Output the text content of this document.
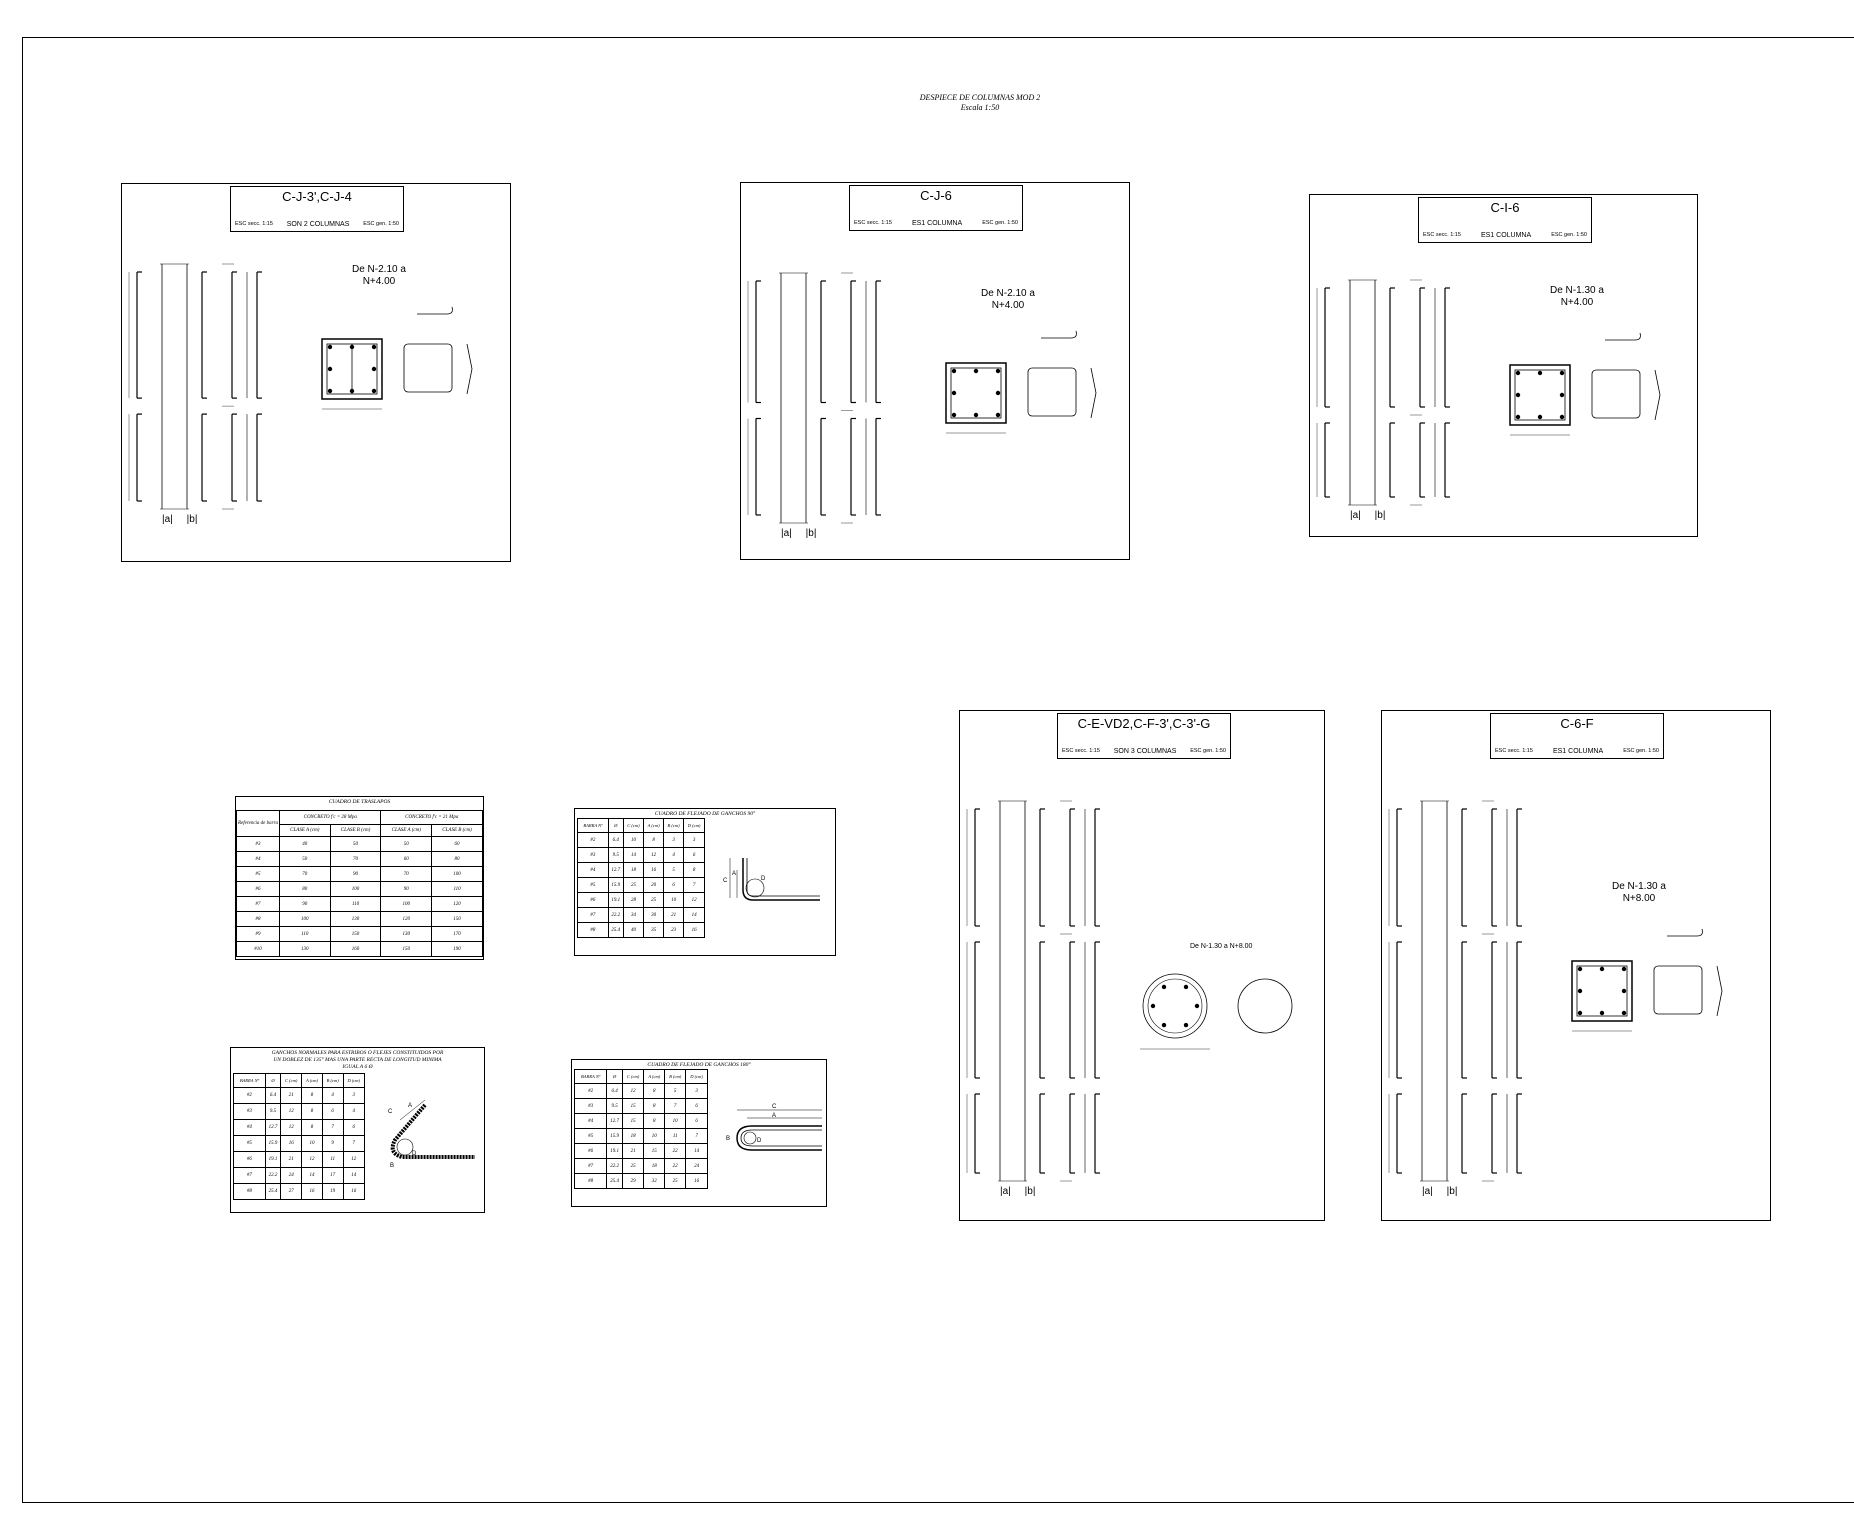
DESPIECE DE COLUMNAS MOD 2
Escala 1:50
C-J-3',C-J-4
ESC secc. 1:15 SON 2 COLUMNAS	ESC gen. 1:50
De N-2.10 a
N+4.00
|a| |b|
C-J-6
ESC secc. 1:15	ES1 COLUMNA	ESC gen. 1:50
De N-2.10 a
N+4.00
|a| |b|
C-I-6
ESC secc. 1:15	ES1 COLUMNA	ESC gen. 1:50
De N-1.30 a
N+4.00
|a| |b|
C-E-VD2,C-F-3',C-3'-G
ESC secc. 1:15 SON 3 COLUMNAS	ESC gen. 1:50
De N-1.30 a N+8.00
|a| |b|
C-6-F
ESC secc. 1:15	ES1 COLUMNA	ESC gen. 1:50
De N-1.30 a
N+8.00
|a| |b|
CUADRO DE TRASLAPOS
Referencia de barra	CONCRETO f'c = 28 Mpa		CONCRETO f'c = 21 Mpa	
	CLASE A (cm)	CLASE B (cm)	CLASE A (cm)	CLASE B (cm)
#3	40	50	50	60
#4	50	70	60	80
#5	70	90	70	100
#6	80	100	90	110
#7	90	110	100	120
#8	100	130	120	150
#9	110	150	130	170
#10	130	160	150	190
CUADRO DE FLEJADO DE GANCHOS 90°
BARRA Nº	Ø	C (cm)	A (cm)	B (cm)	D (cm)
#2	6.4	10	8	3	3
#3	9.5	14	12	4	6
#4	12.7	18	16	5	8
#5	15.9	25	20	6	7
#6	19.1	28	25	10	12
#7	22.2	34	30	21	14
#8	25.4	40	35	23	16
GANCHOS NORMALES PARA ESTRIBOS O FLEJES CONSTITUIDOS POR UN DOBLEZ DE 135° MAS UNA PARTE RECTA DE LONGITUD MINIMA IGUAL A 6 Ø
BARRA Nº	Ø	C (cm)	A (cm)	B (cm)	D (cm)
#2	6.4	21	8	4	3
#3	9.5	12	8	6	4
#4	12.7	12	8	7	6
#5	15.9	16	10	9	7
#6	19.1	21	12	11	12
#7	22.2	24	14	17	14
#8	25.4	27	16	19	16
CUADRO DE FLEJADO DE GANCHOS 180°
BARRA Nº	Ø	C (cm)	A (cm)	B (cm)	D (cm)
#2	6.4	12	8	5	3
#3	9.5	15	8	7	6
#4	12.7	15	8	10	6
#5	15.9	18	10	11	7
#6	19.1	21	15	22	14
#7	22.2	25	18	22	24
#8	25.4	29	32	25	16
C
A
D
C
A
B
D
C
A
B	D
